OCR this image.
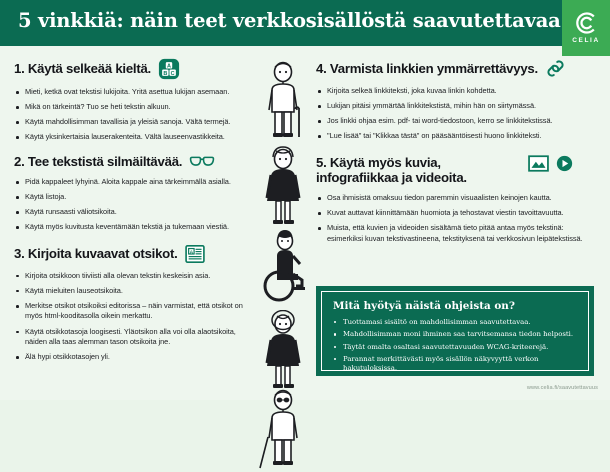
5 vinkkiä: näin teet verkkosisällöstä saavutettavaa
CELIA
1. Käytä selkeää kieltä.	A
B C
Mieti, ketkä ovat tekstisi lukijoita. Yritä asettua lukijan asemaan.
Mikä on tärkeintä? Tuo se heti tekstin alkuun.
Käytä mahdollisimman tavallisia ja yleisiä sanoja. Vältä termejä.
Käytä yksinkertaisia lauserakenteita. Vältä lauseenvastikkeita.
2. Tee tekstistä silmäiltävää.
Pidä kappaleet lyhyinä. Aloita kappale aina tärkeimmällä asialla.
Käytä listoja.
Käytä runsaasti väliotsikoita.
Käytä myös kuvitusta keventämään tekstiä ja tukemaan viestiä.
3. Kirjoita kuvaavat otsikot. A
Kirjoita otsikkoon tiiviisti alla olevan tekstin keskeisin asia.
Käytä mieluiten lauseotsikoita.
Merkitse otsikot otsikoiksi editorissa – näin varmistat, että otsikot on myös html-kooditasolla oikein merkattu.
Käytä otsikkotasoja loogisesti. Yläotsikon alla voi olla alaotsikoita, näiden alla taas alemman tason otsikoita jne.
Älä hypi otsikkotasojen yli.
4. Varmista linkkien ymmärrettävyys.
Kirjoita selkeä linkkiteksti, joka kuvaa linkin kohdetta.
Lukijan pitäisi ymmärtää linkkitekstistä, mihin hän on siirtymässä.
Jos linkki ohjaa esim. pdf- tai word-tiedostoon, kerro se linkkitekstissä.
"Lue lisää" tai "Klikkaa tästä" on pääsääntöisesti huono linkkiteksti.
5. Käytä myös kuvia, infografiikkaa ja videoita.
Osa ihmisistä omaksuu tiedon paremmin visuaalisten keinojen kautta.
Kuvat auttavat kiinnittämään huomiota ja tehostavat viestin tavoittavuutta.
Muista, että kuvien ja videoiden sisältämä tieto pitää antaa myös tekstinä: esimerkiksi kuvan tekstivastineena, tekstityksenä tai verkkosivun leipätekstissä.
Mitä hyötyä näistä ohjeista on?
Tuottamasi sisältö on mahdollisimman saavutettavaa.
Mahdollisimman moni ihminen saa tarvitsemansa tiedon helposti.
Täytät omalta osaltasi saavutettavuuden WCAG-kriteerejä.
Parannat merkittävästi myös sisällön näkyvyyttä verkon hakutuloksissa.
www.celia.fi/saavutettavuus
